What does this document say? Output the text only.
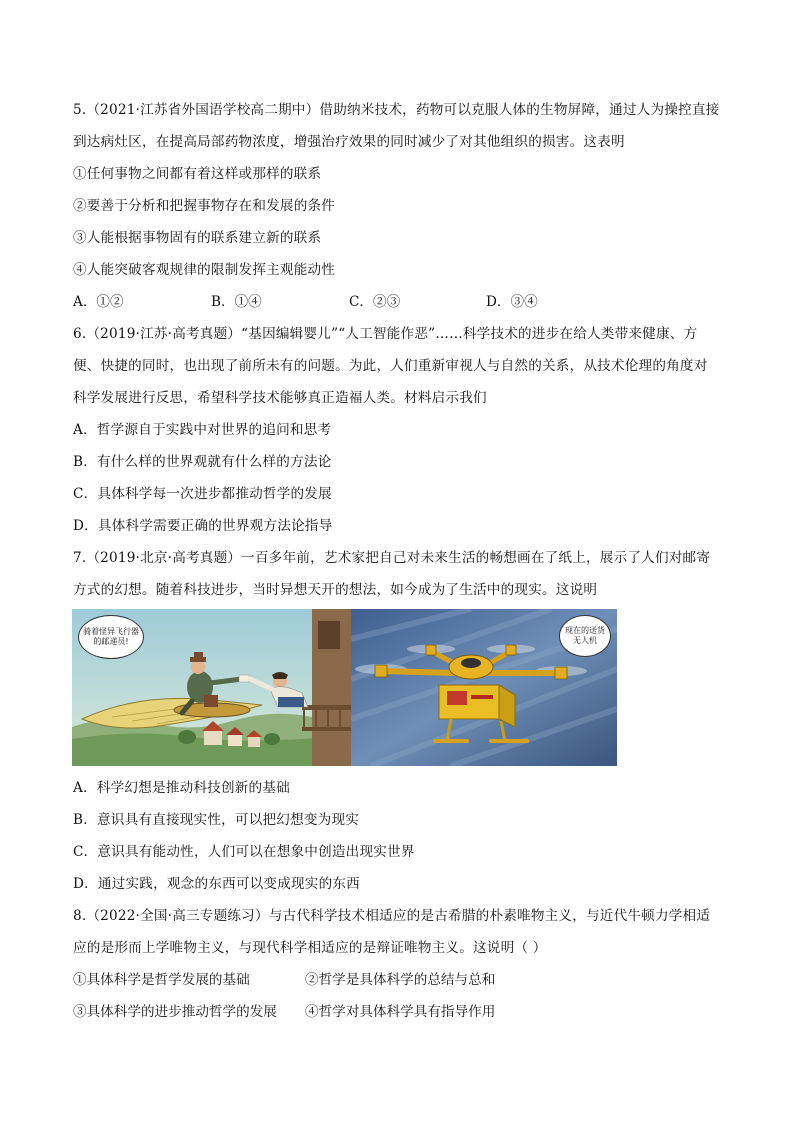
5.（2021·江苏省外国语学校高二期中）借助纳米技术，药物可以克服人体的生物屏障，通过人为操控直接
到达病灶区，在提高局部药物浓度，增强治疗效果的同时减少了对其他组织的损害。这表明
①任何事物之间都有着这样或那样的联系
②要善于分析和把握事物存在和发展的条件
③人能根据事物固有的联系建立新的联系
④人能突破客观规律的限制发挥主观能动性
A．①②	B．①④	C．②③	D．③④
6.（2019·江苏·高考真题）“基因编辑婴儿”“人工智能作恶”……科学技术的进步在给人类带来健康、方
便、快捷的同时，也出现了前所未有的问题。为此，人们重新审视人与自然的关系，从技术伦理的角度对
科学发展进行反思，希望科学技术能够真正造福人类。材料启示我们
A．哲学源自于实践中对世界的追问和思考
B．有什么样的世界观就有什么样的方法论
C．具体科学每一次进步都推动哲学的发展
D．具体科学需要正确的世界观方法论指导
7.（2019·北京·高考真题）一百多年前，艺术家把自己对未来生活的畅想画在了纸上，展示了人们对邮寄
方式的幻想。随着科技进步，当时异想天开的想法，如今成为了生活中的现实。这说明
骑着怪异飞行器的邮递员!
现在的送货无人机
A．科学幻想是推动科技创新的基础
B．意识具有直接现实性，可以把幻想变为现实
C．意识具有能动性，人们可以在想象中创造出现实世界
D．通过实践，观念的东西可以变成现实的东西
8.（2022·全国·高三专题练习）与古代科学技术相适应的是古希腊的朴素唯物主义，与近代牛顿力学相适
应的是形而上学唯物主义，与现代科学相适应的是辩证唯物主义。这说明（ ）
①具体科学是哲学发展的基础	②哲学是具体科学的总结与总和
③具体科学的进步推动哲学的发展 ④哲学对具体科学具有指导作用
